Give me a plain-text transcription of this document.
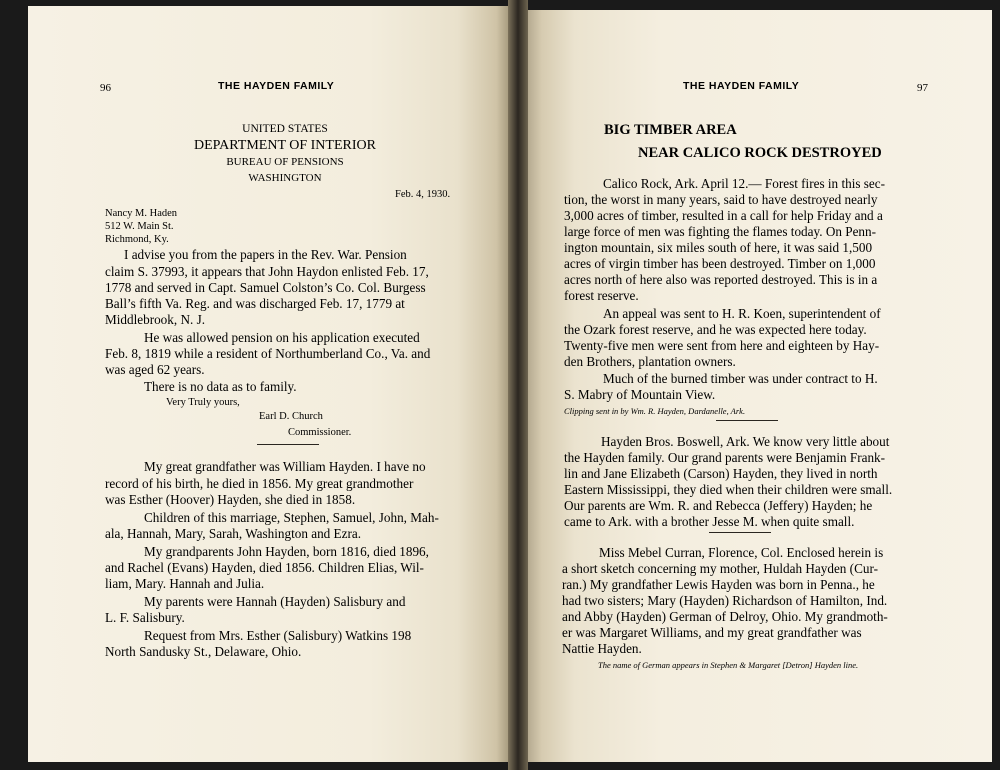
96	THE HAYDEN FAMILY
UNITED STATES
DEPARTMENT OF INTERIOR
BUREAU OF PENSIONS
WASHINGTON
Feb. 4, 1930.
Nancy M. Haden
512 W. Main St.
Richmond, Ky.
I advise you from the papers in the Rev. War. Pension
claim S. 37993, it appears that John Haydon enlisted Feb. 17,
1778 and served in Capt. Samuel Colston’s Co. Col. Burgess
Ball’s fifth Va. Reg. and was discharged Feb. 17, 1779 at
Middlebrook, N. J.
He was allowed pension on his application executed
Feb. 8, 1819 while a resident of Northumberland Co., Va. and
was aged 62 years.
There is no data as to family.
Very Truly yours,
Earl D. Church
Commissioner.
My great grandfather was William Hayden. I have no
record of his birth, he died in 1856. My great grandmother
was Esther (Hoover) Hayden, she died in 1858.
Children of this marriage, Stephen, Samuel, John, Mah-
ala, Hannah, Mary, Sarah, Washington and Ezra.
My grandparents John Hayden, born 1816, died 1896,
and Rachel (Evans) Hayden, died 1856. Children Elias, Wil-
liam, Mary. Hannah and Julia.
My parents were Hannah (Hayden) Salisbury and
L. F. Salisbury.
Request from Mrs. Esther (Salisbury) Watkins 198
North Sandusky St., Delaware, Ohio.
THE HAYDEN FAMILY	97
BIG TIMBER AREA
NEAR CALICO ROCK DESTROYED
Calico Rock, Ark. April 12.— Forest fires in this sec-
tion, the worst in many years, said to have destroyed nearly
3,000 acres of timber, resulted in a call for help Friday and a
large force of men was fighting the flames today. On Penn-
ington mountain, six miles south of here, it was said 1,500
acres of virgin timber has been destroyed. Timber on 1,000
acres north of here also was reported destroyed. This is in a
forest reserve.
An appeal was sent to H. R. Koen, superintendent of
the Ozark forest reserve, and he was expected here today.
Twenty-five men were sent from here and eighteen by Hay-
den Brothers, plantation owners.
Much of the burned timber was under contract to H.
S. Mabry of Mountain View.
Clipping sent in by Wm. R. Hayden, Dardanelle, Ark.
Hayden Bros. Boswell, Ark. We know very little about
the Hayden family. Our grand parents were Benjamin Frank-
lin and Jane Elizabeth (Carson) Hayden, they lived in north
Eastern Mississippi, they died when their children were small.
Our parents are Wm. R. and Rebecca (Jeffery) Hayden; he
came to Ark. with a brother Jesse M. when quite small.
Miss Mebel Curran, Florence, Col. Enclosed herein is
a short sketch concerning my mother, Huldah Hayden (Cur-
ran.) My grandfather Lewis Hayden was born in Penna., he
had two sisters; Mary (Hayden) Richardson of Hamilton, Ind.
and Abby (Hayden) German of Delroy, Ohio. My grandmoth-
er was Margaret Williams, and my great grandfather was
Nattie Hayden.
The name of German appears in Stephen & Margaret [Detron] Hayden line.
